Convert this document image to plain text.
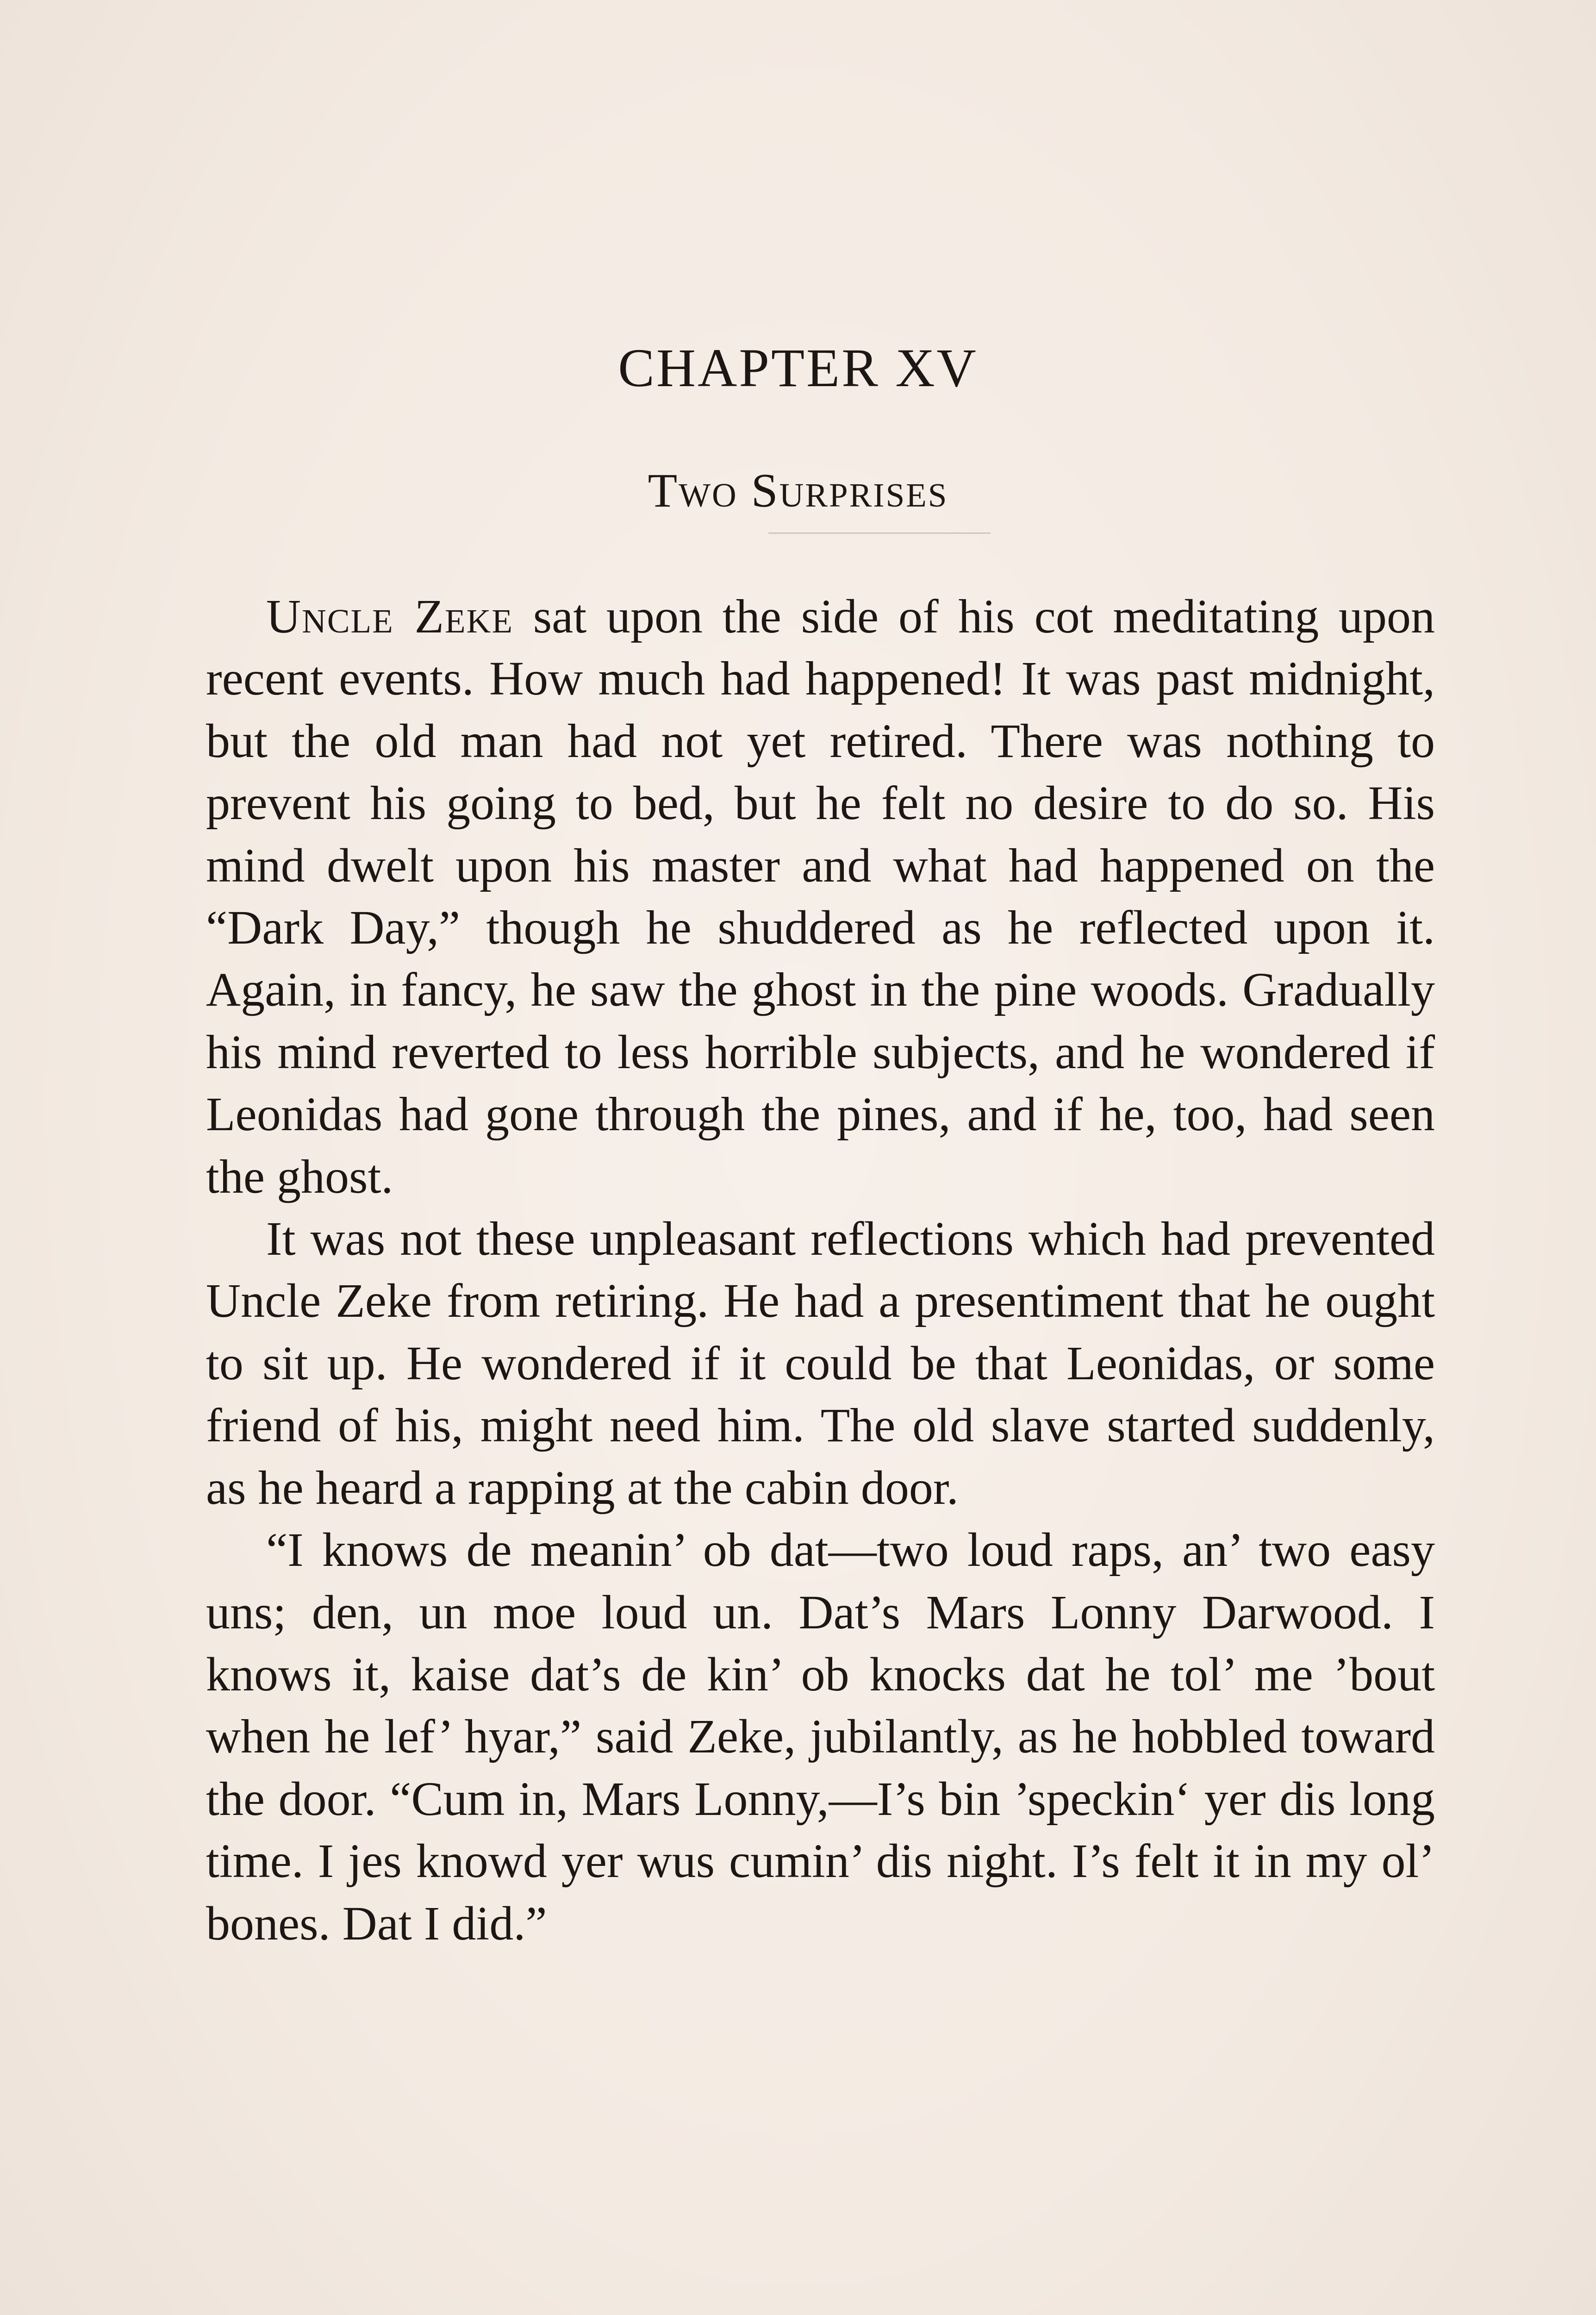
CHAPTER XV
Two Surprises

Uncle Zeke sat upon the side of his cot meditating upon recent events. How much had happened! It was past midnight, but the old man had not yet retired. There was nothing to prevent his going to bed, but he felt no desire to do so. His mind dwelt upon his master and what had happened on the “Dark Day,” though he shuddered as he reflected upon it. Again, in fancy, he saw the ghost in the pine woods. Gradually his mind reverted to less horrible subjects, and he wondered if Leonidas had gone through the pines, and if he, too, had seen the ghost.

It was not these unpleasant reflections which had prevented Uncle Zeke from retiring. He had a presentiment that he ought to sit up. He wondered if it could be that Leonidas, or some friend of his, might need him. The old slave started suddenly, as he heard a rapping at the cabin door.

“I knows de meanin’ ob dat—two loud raps, an’ two easy uns; den, un moe loud un. Dat’s Mars Lonny Darwood. I knows it, kaise dat’s de kin’ ob knocks dat he tol’ me ’bout when he lef’ hyar,” said Zeke, jubilantly, as he hobbled toward the door. “Cum in, Mars Lonny,—I’s bin ’speckin‘ yer dis long time. I jes knowd yer wus cumin’ dis night. I’s felt it in my ol’ bones. Dat I did.”
